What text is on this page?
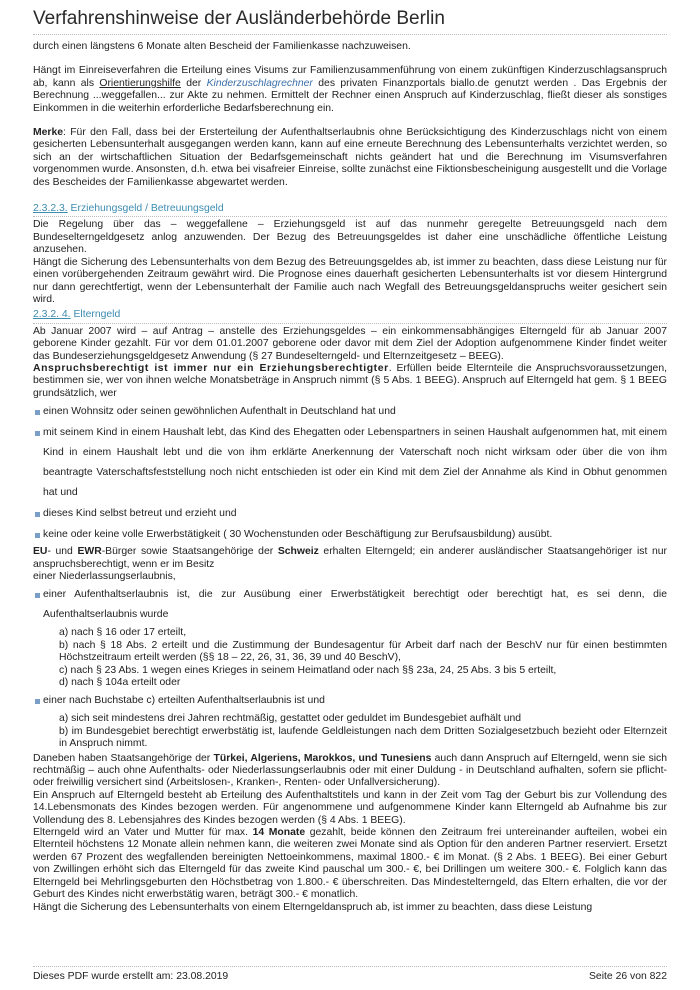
Verfahrenshinweise der Ausländerbehörde Berlin

durch einen längstens 6 Monate alten Bescheid der Familienkasse nachzuweisen.

Hängt im Einreiseverfahren die Erteilung eines Visums zur Familienzusammenführung von einem zukünftigen Kinderzuschlagsanspruch ab, kann als Orientierungshilfe der Kinderzuschlagrechner des privaten Finanzportals biallo.de genutzt werden . Das Ergebnis der Berechnung ...weggefallen... zur Akte zu nehmen. Ermittelt der Rechner einen Anspruch auf Kinderzuschlag, fließt dieser als sonstiges Einkommen in die weiterhin erforderliche Bedarfsberechnung ein.

Merke: Für den Fall, dass bei der Ersterteilung der Aufenthaltserlaubnis ohne Berücksichtigung des Kinderzuschlags nicht von einem gesicherten Lebensunterhalt ausgegangen werden kann, kann auf eine erneute Berechnung des Lebensunterhalts verzichtet werden, so sich an der wirtschaftlichen Situation der Bedarfsgemeinschaft nichts geändert hat und die Berechnung im Visumsverfahren vorgenommen wurde. Ansonsten, d.h. etwa bei visafreier Einreise, sollte zunächst eine Fiktionsbescheinigung ausgestellt und die Vorlage des Bescheides der Familienkasse abgewartet werden.

2.3.2.3. Erziehungsgeld / Betreuungsgeld

Die Regelung über das – weggefallene – Erziehungsgeld ist auf das nunmehr geregelte Betreuungsgeld nach dem Bundeselterngeldgesetz anlog anzuwenden. Der Bezug des Betreuungsgeldes ist daher eine unschädliche öffentliche Leistung anzusehen.

Hängt die Sicherung des Lebensunterhalts von dem Bezug des Betreuungsgeldes ab, ist immer zu beachten, dass diese Leistung nur für einen vorübergehenden Zeitraum gewährt wird. Die Prognose eines dauerhaft gesicherten Lebensunterhalts ist vor diesem Hintergrund nur dann gerechtfertigt, wenn der Lebensunterhalt der Familie auch nach Wegfall des Betreuungsgeldanspruchs weiter gesichert sein wird.

2.3.2. 4. Elterngeld

Ab Januar 2007 wird – auf Antrag – anstelle des Erziehungsgeldes – ein einkommensabhängiges Elterngeld für ab Januar 2007 geborene Kinder gezahlt. Für vor dem 01.01.2007 geborene oder davor mit dem Ziel der Adoption aufgenommene Kinder findet weiter das Bundeserziehungsgeldgesetz Anwendung (§ 27 Bundeselterngeld- und Elternzeitgesetz – BEEG).

Anspruchsberechtigt ist immer nur ein Erziehungsberechtigter. Erfüllen beide Elternteile die Anspruchsvoraussetzungen, bestimmen sie, wer von ihnen welche Monatsbeträge in Anspruch nimmt (§ 5 Abs. 1 BEEG). Anspruch auf Elterngeld hat gem. § 1 BEEG grundsätzlich, wer

einen Wohnsitz oder seinen gewöhnlichen Aufenthalt in Deutschland hat und
mit seinem Kind in einem Haushalt lebt, das Kind des Ehegatten oder Lebenspartners in seinen Haushalt aufgenommen hat, mit einem Kind in einem Haushalt lebt und die von ihm erklärte Anerkennung der Vaterschaft noch nicht wirksam oder über die von ihm beantragte Vaterschaftsfeststellung noch nicht entschieden ist oder ein Kind mit dem Ziel der Annahme als Kind in Obhut genommen hat und
dieses Kind selbst betreut und erzieht und
keine oder keine volle Erwerbstätigkeit ( 30 Wochenstunden oder Beschäftigung zur Berufsausbildung) ausübt.

EU- und EWR-Bürger sowie Staatsangehörige der Schweiz erhalten Elterngeld; ein anderer ausländischer Staatsangehöriger ist nur anspruchsberechtigt, wenn er im Besitz

einer Niederlassungserlaubnis,

einer Aufenthaltserlaubnis ist, die zur Ausübung einer Erwerbstätigkeit berechtigt oder berechtigt hat, es sei denn, die Aufenthaltserlaubnis wurde

a) nach § 16 oder 17 erteilt,

b) nach § 18 Abs. 2 erteilt und die Zustimmung der Bundesagentur für Arbeit darf nach der BeschV nur für einen bestimmten Höchstzeitraum erteilt werden (§§ 18 – 22, 26, 31, 36, 39 und 40 BeschV),

c) nach § 23 Abs. 1 wegen eines Krieges in seinem Heimatland oder nach §§ 23a, 24, 25 Abs. 3 bis 5 erteilt,

d) nach § 104a erteilt oder

einer nach Buchstabe c) erteilten Aufenthaltserlaubnis ist und

a) sich seit mindestens drei Jahren rechtmäßig, gestattet oder geduldet im Bundesgebiet aufhält und

b) im Bundesgebiet berechtigt erwerbstätig ist, laufende Geldleistungen nach dem Dritten Sozialgesetzbuch bezieht oder Elternzeit in Anspruch nimmt.

Daneben haben Staatsangehörige der Türkei, Algeriens, Marokkos, und Tunesiens auch dann Anspruch auf Elterngeld, wenn sie sich rechtmäßig – auch ohne Aufenthalts- oder Niederlassungserlaubnis oder mit einer Duldung - in Deutschland aufhalten, sofern sie pflicht- oder freiwillig versichert sind (Arbeitslosen-, Kranken-, Renten- oder Unfallversicherung).

Ein Anspruch auf Elterngeld besteht ab Erteilung des Aufenthaltstitels und kann in der Zeit vom Tag der Geburt bis zur Vollendung des 14.Lebensmonats des Kindes bezogen werden. Für angenommene und aufgenommene Kinder kann Elterngeld ab Aufnahme bis zur Vollendung des 8. Lebensjahres des Kindes bezogen werden (§ 4 Abs. 1 BEEG).

Elterngeld wird an Vater und Mutter für max. 14 Monate gezahlt, beide können den Zeitraum frei untereinander aufteilen, wobei ein Elternteil höchstens 12 Monate allein nehmen kann, die weiteren zwei Monate sind als Option für den anderen Partner reserviert. Ersetzt werden 67 Prozent des wegfallenden bereinigten Nettoeinkommens, maximal 1800.- € im Monat. (§ 2 Abs. 1 BEEG). Bei einer Geburt von Zwillingen erhöht sich das Elterngeld für das zweite Kind pauschal um 300.- €, bei Drillingen um weitere 300.- €. Folglich kann das Elterngeld bei Mehrlingsgeburten den Höchstbetrag von 1.800.- € überschreiten. Das Mindestelterngeld, das Eltern erhalten, die vor der Geburt des Kindes nicht erwerbstätig waren, beträgt 300.- € monatlich.

Hängt die Sicherung des Lebensunterhalts von einem Elterngeldanspruch ab, ist immer zu beachten, dass diese Leistung

Dieses PDF wurde erstellt am: 23.08.2019	Seite 26 von 822
